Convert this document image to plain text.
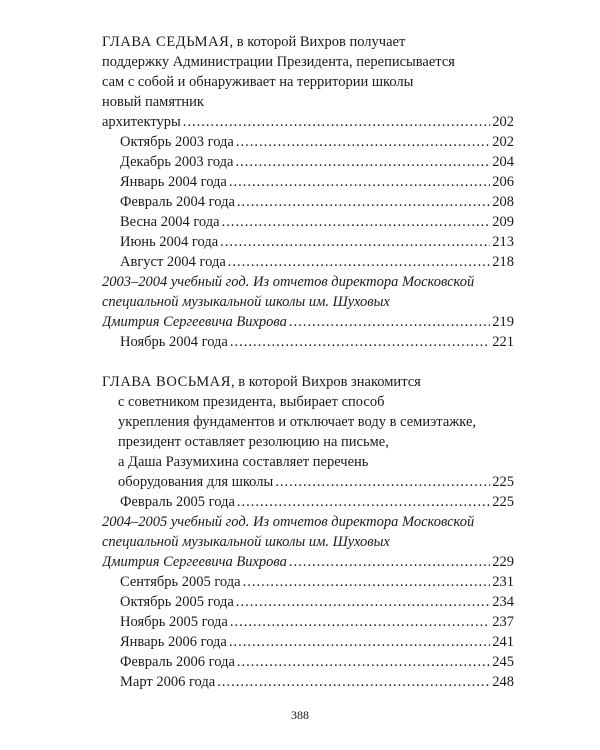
ГЛАВА СЕДЬМАЯ, в которой Вихров получает
поддержку Администрации Президента, переписывается
сам с собой и обнаруживает на территории школы
новый памятник
архитектуры .....	202
Октябрь 2003 года .....	202
Декабрь 2003 года .....	204
Январь 2004 года .....	206
Февраль 2004 года .....	208
Весна 2004 года .....	209
Июнь 2004 года .....	213
Август 2004 года .....	218
2003–2004 учебный год. Из отчетов директора Московской
специальной музыкальной школы им. Шуховых
Дмитрия Сергеевича Вихрова .....	219
Ноябрь 2004 года .....	221
ГЛАВА ВОСЬМАЯ, в которой Вихров знакомится
с советником президента, выбирает способ
укрепления фундаментов и отключает воду в семиэтажке,
президент оставляет резолюцию на письме,
а Даша Разумихина составляет перечень
оборудования для школы .....	225
Февраль 2005 года .....	225
2004–2005 учебный год. Из отчетов директора Московской
специальной музыкальной школы им. Шуховых
Дмитрия Сергеевича Вихрова .....	229
Сентябрь 2005 года .....	231
Октябрь 2005 года .....	234
Ноябрь 2005 года .....	237
Январь 2006 года .....	241
Февраль 2006 года .....	245
Март 2006 года .....	248
388
